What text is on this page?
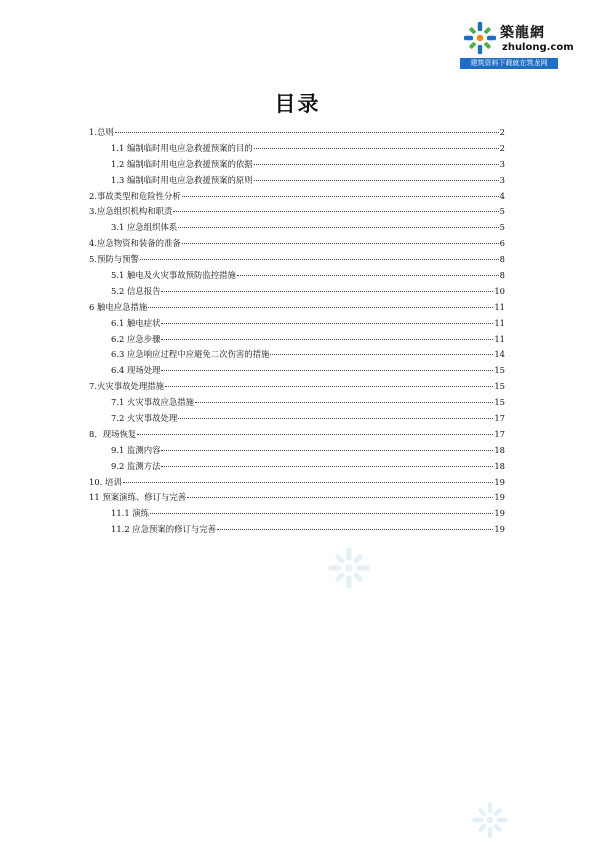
築龍網
zhulong.com
建筑资料下载就在筑龙网
目录
1.总则	2
1.1 编制临时用电应急救援预案的目的	2
1.2 编制临时用电应急救援预案的依据	3
1.3 编制临时用电应急救援预案的原则	3
2.事故类型和危险性分析	4
3.应急组织机构和职责	5
3.1 应急组织体系	5
4.应急物资和装备的准备	6
5.预防与预警	8
5.1 触电及火灾事故预防监控措施	8
5.2 信息报告	10
6 触电应急措施	11
6.1 触电症状	11
6.2 应急步骤	11
6.3 应急响应过程中应避免二次伤害的措施	14
6.4 现场处理	15
7.火灾事故处理措施	15
7.1 火灾事故应急措施	15
7.2 火灾事故处理	17
8．现场恢复	17
9.1 监测内容	18
9.2 监测方法	18
10. 培训	19
11 预案演练、修订与完善	19
11.1 演练	19
11.2 应急预案的修订与完善	19
